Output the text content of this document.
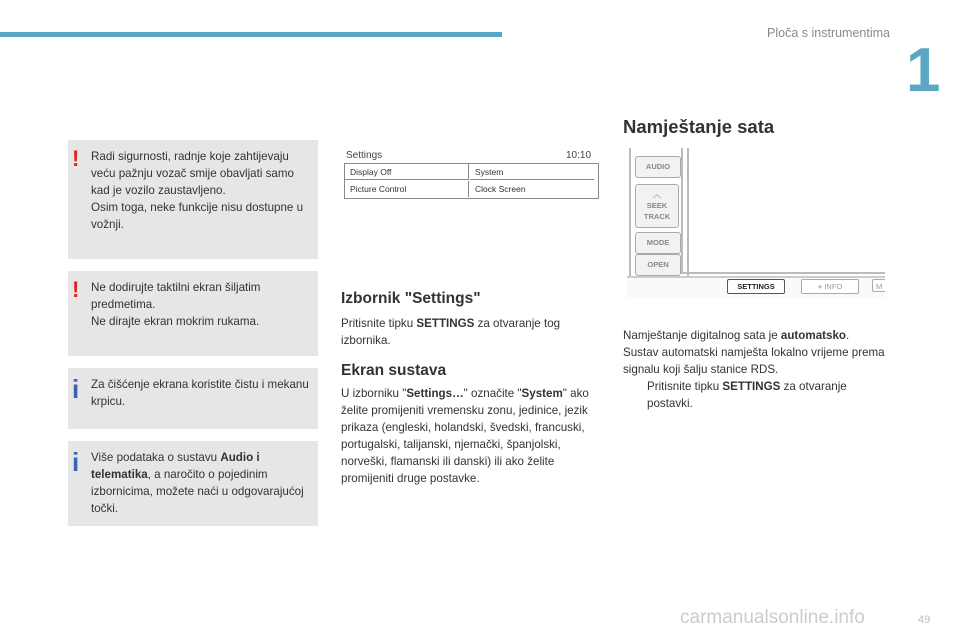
Ploča s instrumentima
1
! Radi sigurnosti, radnje koje zahtijevaju veću pažnju vozač smije obavljati samo kad je vozilo zaustavljeno.

Osim toga, neke funkcije nisu dostupne u vožnji.

! Ne dodirujte taktilni ekran šiljatim predmetima.

Ne dirajte ekran mokrim rukama.

i Za čišćenje ekrana koristite čistu i mekanu krpicu.

i Više podataka o sustavu Audio i telematika, a naročito o pojedinim izbornicima, možete naći u odgovarajućoj točki.

Settings	10:10
Display Off	System
Picture Control	Clock Screen
Izbornik "Settings"

Pritisnite tipku SETTINGS za otvaranje tog izbornika.

Ekran sustava

U izborniku "Settings…" označite "System" ako želite promijeniti vremensku zonu, jedinice, jezik prikaza (engleski, holandski, švedski, francuski, portugalski, talijanski, njemački, španjolski, norveški, flamanski ili danski) ili ako želite promijeniti druge postavke.

Namještanje sata
AUDIO
︿
SEEK TRACK
MODE
OPEN
SETTINGS	● INFO	M

Namještanje digitalnog sata je automatsko.

Sustav automatski namješta lokalno vrijeme prema signalu koji šalju stanice RDS.

Pritisnite tipku SETTINGS za otvaranje postavki.

carmanualsonline.info	49
